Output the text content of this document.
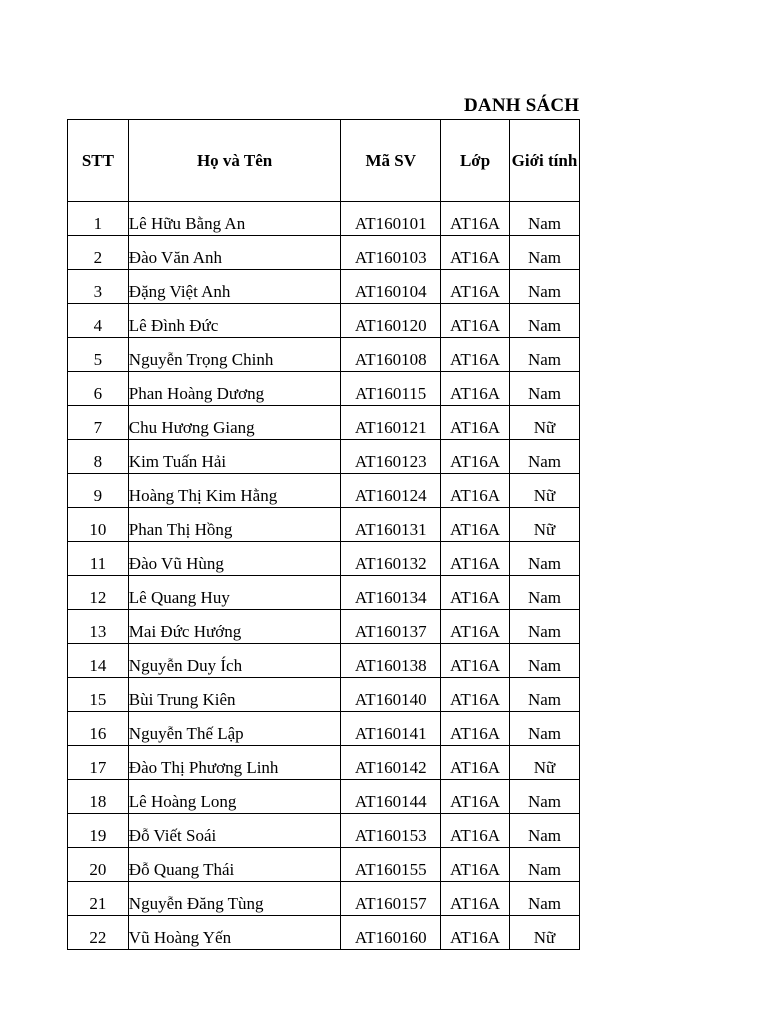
DANH SÁCH
STT	Họ và Tên	Mã SV	Lớp	Giới tính
1	Lê Hữu Bằng An	AT160101	AT16A	Nam
2	Đào Văn Anh	AT160103	AT16A	Nam
3	Đặng Việt Anh	AT160104	AT16A	Nam
4	Lê Đình Đức	AT160120	AT16A	Nam
5	Nguyễn Trọng Chinh	AT160108	AT16A	Nam
6	Phan Hoàng Dương	AT160115	AT16A	Nam
7	Chu Hương Giang	AT160121	AT16A	Nữ
8	Kim Tuấn Hải	AT160123	AT16A	Nam
9	Hoàng Thị Kim Hằng	AT160124	AT16A	Nữ
10	Phan Thị Hồng	AT160131	AT16A	Nữ
11	Đào Vũ Hùng	AT160132	AT16A	Nam
12	Lê Quang Huy	AT160134	AT16A	Nam
13	Mai Đức Hướng	AT160137	AT16A	Nam
14	Nguyễn Duy Ích	AT160138	AT16A	Nam
15	Bùi Trung Kiên	AT160140	AT16A	Nam
16	Nguyễn Thế Lập	AT160141	AT16A	Nam
17	Đào Thị Phương Linh	AT160142	AT16A	Nữ
18	Lê Hoàng Long	AT160144	AT16A	Nam
19	Đỗ Viết Soái	AT160153	AT16A	Nam
20	Đỗ Quang Thái	AT160155	AT16A	Nam
21	Nguyễn Đăng Tùng	AT160157	AT16A	Nam
22	Vũ Hoàng Yến	AT160160	AT16A	Nữ
